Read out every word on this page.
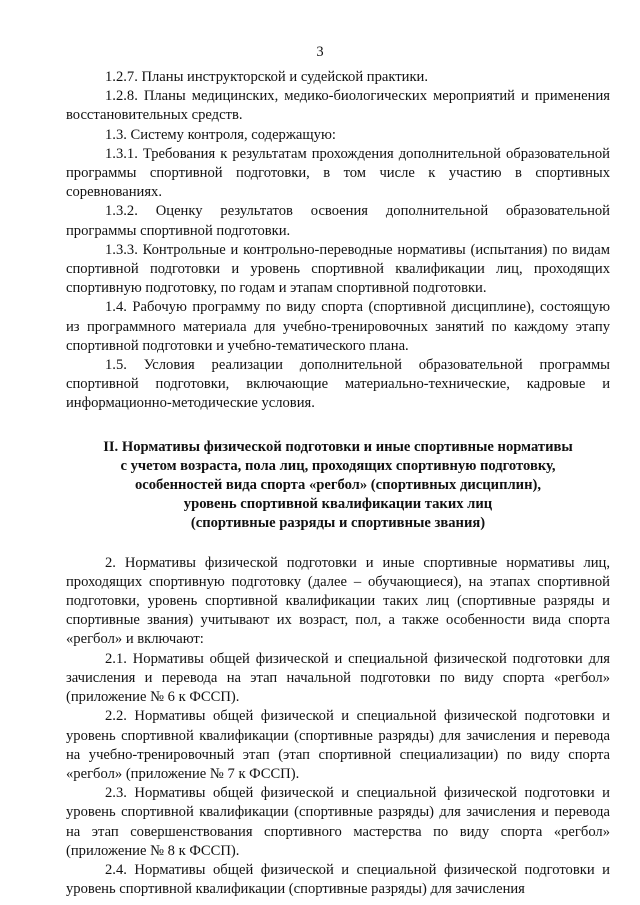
3

1.2.7. Планы инструкторской и судейской практики.

1.2.8. Планы медицинских, медико-биологических мероприятий и применения восстановительных средств.

1.3. Систему контроля, содержащую:

1.3.1. Требования к результатам прохождения дополнительной образовательной программы спортивной подготовки, в том числе к участию в спортивных соревнованиях.

1.3.2. Оценку результатов освоения дополнительной образовательной программы спортивной подготовки.

1.3.3. Контрольные и контрольно-переводные нормативы (испытания) по видам спортивной подготовки и уровень спортивной квалификации лиц, проходящих спортивную подготовку, по годам и этапам спортивной подготовки.

1.4. Рабочую программу по виду спорта (спортивной дисциплине), состоящую из программного материала для учебно-тренировочных занятий по каждому этапу спортивной подготовки и учебно-тематического плана.

1.5. Условия реализации дополнительной образовательной программы спортивной подготовки, включающие материально-технические, кадровые и информационно-методические условия.

II. Нормативы физической подготовки и иные спортивные нормативы
с учетом возраста, пола лиц, проходящих спортивную подготовку,
особенностей вида спорта «регбол» (спортивных дисциплин),
уровень спортивной квалификации таких лиц
(спортивные разряды и спортивные звания)

2. Нормативы физической подготовки и иные спортивные нормативы лиц, проходящих спортивную подготовку (далее – обучающиеся), на этапах спортивной подготовки, уровень спортивной квалификации таких лиц (спортивные разряды и спортивные звания) учитывают их возраст, пол, а также особенности вида спорта «регбол» и включают:

2.1. Нормативы общей физической и специальной физической подготовки для зачисления и перевода на этап начальной подготовки по виду спорта «регбол» (приложение № 6 к ФССП).

2.2. Нормативы общей физической и специальной физической подготовки и уровень спортивной квалификации (спортивные разряды) для зачисления и перевода на учебно-тренировочный этап (этап спортивной специализации) по виду спорта «регбол» (приложение № 7 к ФССП).

2.3. Нормативы общей физической и специальной физической подготовки и уровень спортивной квалификации (спортивные разряды) для зачисления и перевода на этап совершенствования спортивного мастерства по виду спорта «регбол» (приложение № 8 к ФССП).

2.4. Нормативы общей физической и специальной физической подготовки и уровень спортивной квалификации (спортивные разряды) для зачисления
